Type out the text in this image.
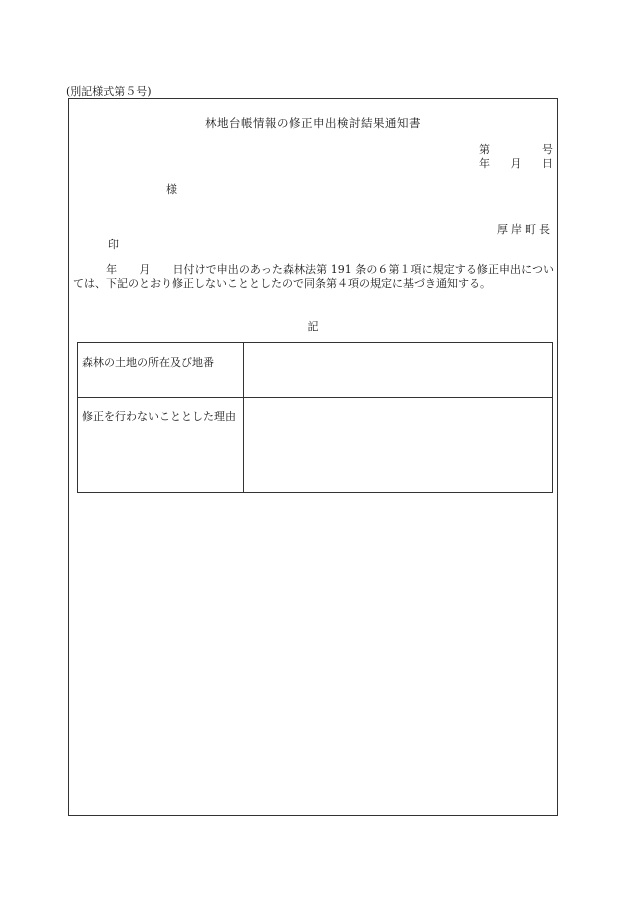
(別記様式第５号)
林地台帳情報の修正申出検討結果通知書
第	号
年 月 日
様
厚岸町長
印
　　　年　　月　　日付けで申出のあった森林法第 191 条の６第１項に規定する修正申出については、下記のとおり修正しないこととしたので同条第４項の規定に基づき通知する。
記
森林の土地の所在及び地番
修正を行わないこととした理由
